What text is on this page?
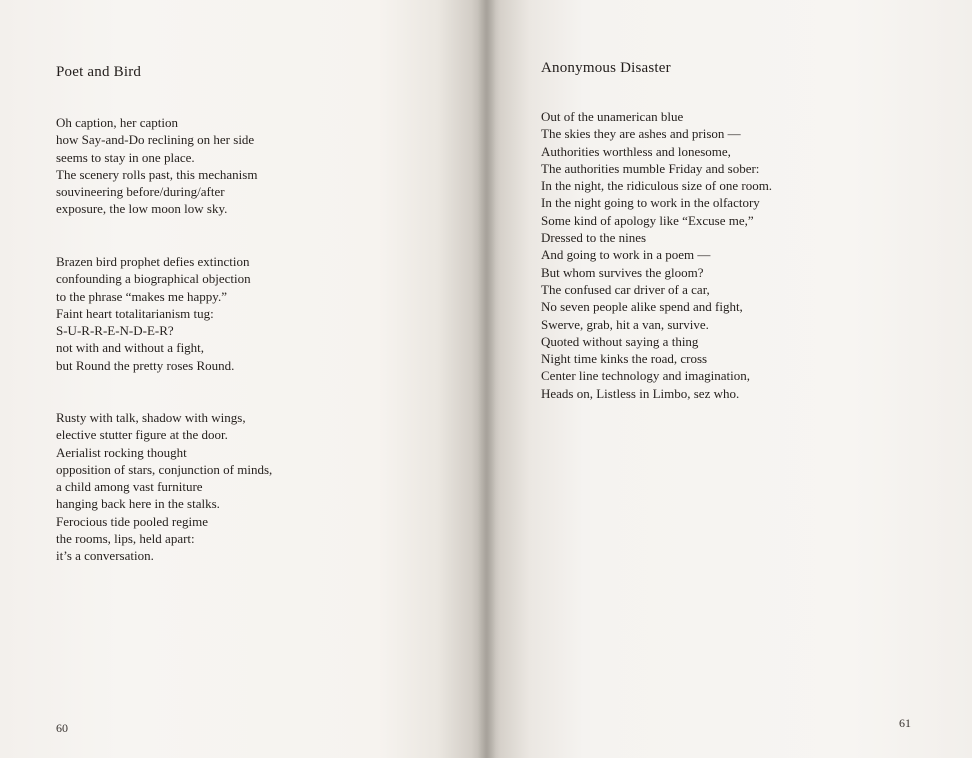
Poet and Bird
Oh caption, her caption
how Say-and-Do reclining on her side
seems to stay in one place.
The scenery rolls past, this mechanism
souvineering before/during/after
exposure, the low moon low sky.
Brazen bird prophet defies extinction
confounding a biographical objection
to the phrase “makes me happy.”
Faint heart totalitarianism tug:
S-U-R-R-E-N-D-E-R?
not with and without a fight,
but Round the pretty roses Round.
Rusty with talk, shadow with wings,
elective stutter figure at the door.
Aerialist rocking thought
opposition of stars, conjunction of minds,
a child among vast furniture
hanging back here in the stalks.
Ferocious tide pooled regime
the rooms, lips, held apart:
it’s a conversation.
60
Anonymous Disaster
Out of the unamerican blue
The skies they are ashes and prison —
Authorities worthless and lonesome,
The authorities mumble Friday and sober:
In the night, the ridiculous size of one room.
In the night going to work in the olfactory
Some kind of apology like “Excuse me,”
Dressed to the nines
And going to work in a poem —
But whom survives the gloom?
The confused car driver of a car,
No seven people alike spend and fight,
Swerve, grab, hit a van, survive.
Quoted without saying a thing
Night time kinks the road, cross
Center line technology and imagination,
Heads on, Listless in Limbo, sez who.
61
